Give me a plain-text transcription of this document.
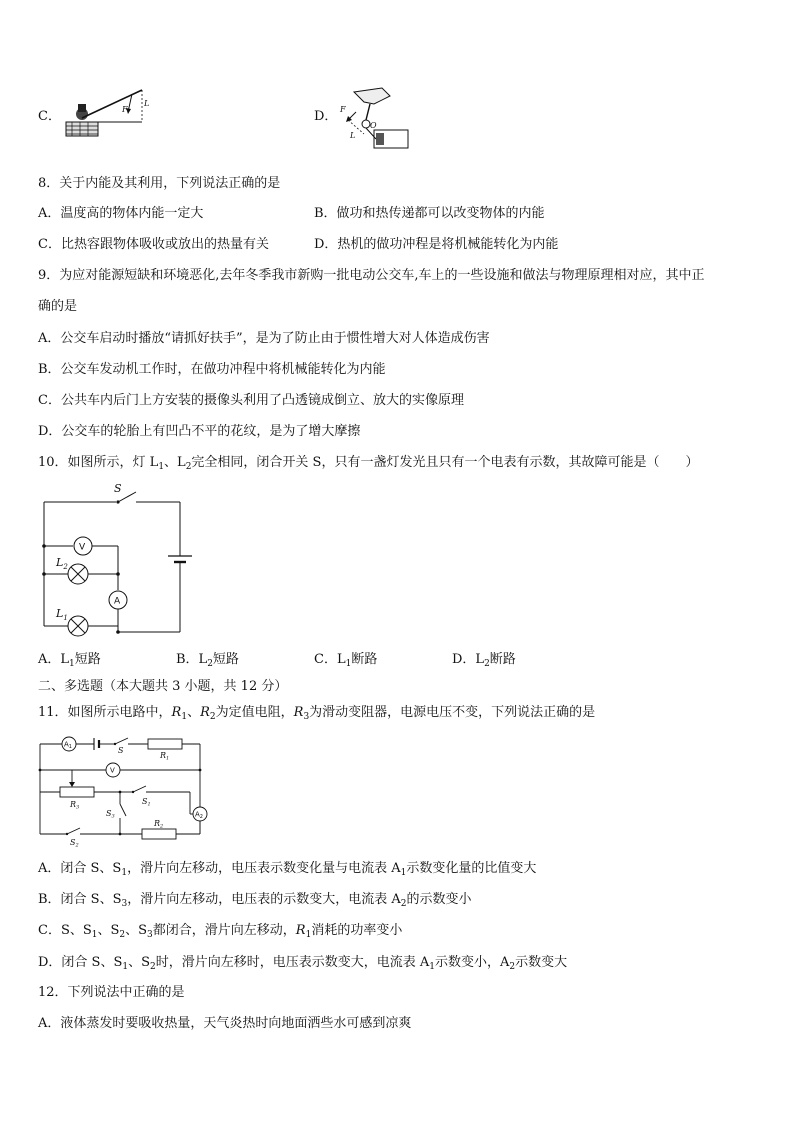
C．	F
L
D． F
L
O
8．关于内能及其利用，下列说法正确的是
A．温度高的物体内能一定大	B．做功和热传递都可以改变物体的内能
C．比热容跟物体吸收或放出的热量有关	D．热机的做功冲程是将机械能转化为内能
9．为应对能源短缺和环境恶化,去年冬季我市新购一批电动公交车,车上的一些设施和做法与物理原理相对应，其中正
确的是
A．公交车启动时播放“请抓好扶手”，是为了防止由于惯性增大对人体造成伤害
B．公交车发动机工作时，在做功冲程中将机械能转化为内能
C．公共车内后门上方安装的摄像头利用了凸透镜成倒立、放大的实像原理
D．公交车的轮胎上有凹凸不平的花纹，是为了增大摩擦
10．如图所示，灯 $L_1$、$L_2$完全相同，闭合开关 S，只有一盏灯发光且只有一个电表有示数，其故障可能是（　　）
S
V
$L_2$
A
$L_1$
A．$L_1$短路	B．$L_2$短路	C．$L_1$断路	D．$L_2$断路
二、多选题（本大题共 3 小题，共 12 分）
11．如图所示电路中，$R_1$、$R_2$为定值电阻，$R_3$为滑动变阻器，电源电压不变，下列说法正确的是
$A_1$	S
R1
V
R3
S1
$A_2$
S3
S2
R2
A．闭合 S、$S_1$，滑片向左移动，电压表示数变化量与电流表 $A_1$示数变化量的比值变大
B．闭合 S、$S_3$，滑片向左移动，电压表的示数变大，电流表 $A_2$的示数变小
C．S、$S_1$、$S_2$、$S_3$都闭合，滑片向左移动，$R_1$消耗的功率变小
D．闭合 S、$S_1$、$S_2$时，滑片向左移时，电压表示数变大，电流表 $A_1$示数变小，$A_2$示数变大
12．下列说法中正确的是
A．液体蒸发时要吸收热量，天气炎热时向地面洒些水可感到凉爽
